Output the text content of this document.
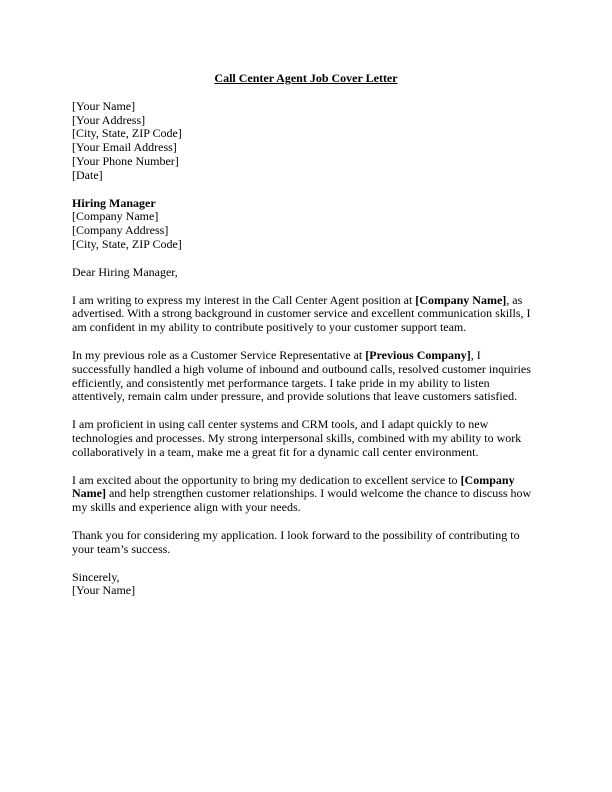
Call Center Agent Job Cover Letter
[Your Name]
[Your Address]
[City, State, ZIP Code]
[Your Email Address]
[Your Phone Number]
[Date]
Hiring Manager
[Company Name]
[Company Address]
[City, State, ZIP Code]

Dear Hiring Manager,

I am writing to express my interest in the Call Center Agent position at [Company Name], as advertised. With a strong background in customer service and excellent communication skills, I am confident in my ability to contribute positively to your customer support team.

In my previous role as a Customer Service Representative at [Previous Company], I successfully handled a high volume of inbound and outbound calls, resolved customer inquiries efficiently, and consistently met performance targets. I take pride in my ability to listen attentively, remain calm under pressure, and provide solutions that leave customers satisfied.

I am proficient in using call center systems and CRM tools, and I adapt quickly to new technologies and processes. My strong interpersonal skills, combined with my ability to work collaboratively in a team, make me a great fit for a dynamic call center environment.

I am excited about the opportunity to bring my dedication to excellent service to [Company Name] and help strengthen customer relationships. I would welcome the chance to discuss how my skills and experience align with your needs.

Thank you for considering my application. I look forward to the possibility of contributing to your team’s success.

Sincerely,
[Your Name]
